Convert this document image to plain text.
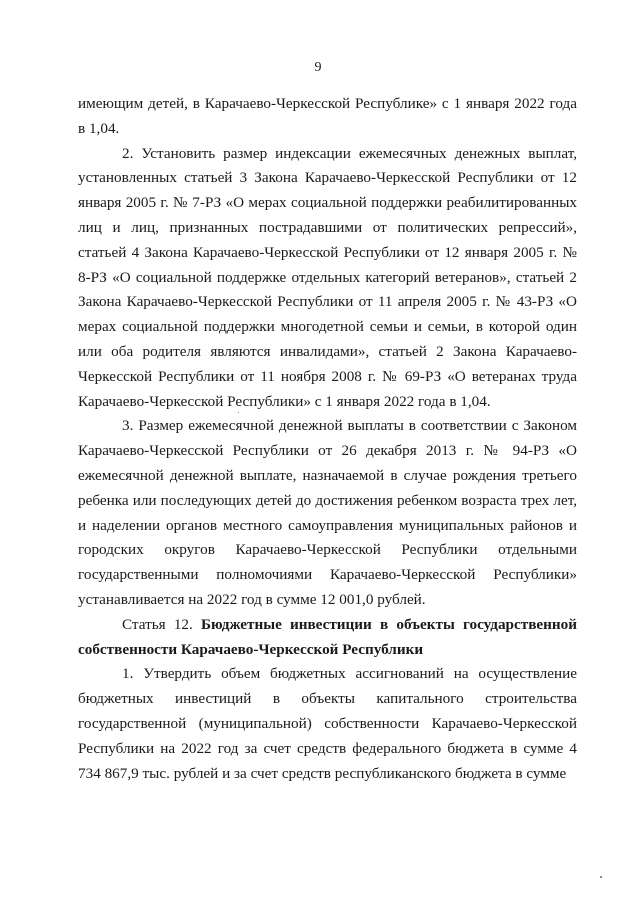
9

имеющим детей, в Карачаево-Черкесской Республике» с 1 января 2022 года в 1,04.

2. Установить размер индексации ежемесячных денежных выплат, установленных статьей 3 Закона Карачаево-Черкесской Республики от 12 января 2005 г. № 7-РЗ «О мерах социальной поддержки реабилитированных лиц и лиц, признанных пострадавшими от политических репрессий», статьей 4 Закона Карачаево-Черкесской Республики от 12 января 2005 г. № 8-РЗ «О социальной поддержке отдельных категорий ветеранов», статьей 2 Закона Карачаево-Черкесской Республики от 11 апреля 2005 г. № 43-РЗ «О мерах социальной поддержки многодетной семьи и семьи, в которой один или оба родителя являются инвалидами», статьей 2 Закона Карачаево-Черкесской Республики от 11 ноября 2008 г. № 69-РЗ «О ветеранах труда Карачаево-Черкесской Республики» с 1 января 2022 года в 1,04.

3. Размер ежемесячной денежной выплаты в соответствии с Законом Карачаево-Черкесской Республики от 26 декабря 2013 г. № 94-РЗ «О ежемесячной денежной выплате, назначаемой в случае рождения третьего ребенка или последующих детей до достижения ребенком возраста трех лет, и наделении органов местного самоуправления муниципальных районов и городских округов Карачаево-Черкесской Республики отдельными государственными полномочиями Карачаево-Черкесской Республики» устанавливается на 2022 год в сумме 12 001,0 рублей.

Статья 12. Бюджетные инвестиции в объекты государственной собственности Карачаево-Черкесской Республики

1. Утвердить объем бюджетных ассигнований на осуществление бюджетных инвестиций в объекты капитального строительства государственной (муниципальной) собственности Карачаево-Черкесской Республики на 2022 год за счет средств федерального бюджета в сумме 4 734 867,9 тыс. рублей и за счет средств республиканского бюджета в сумме
